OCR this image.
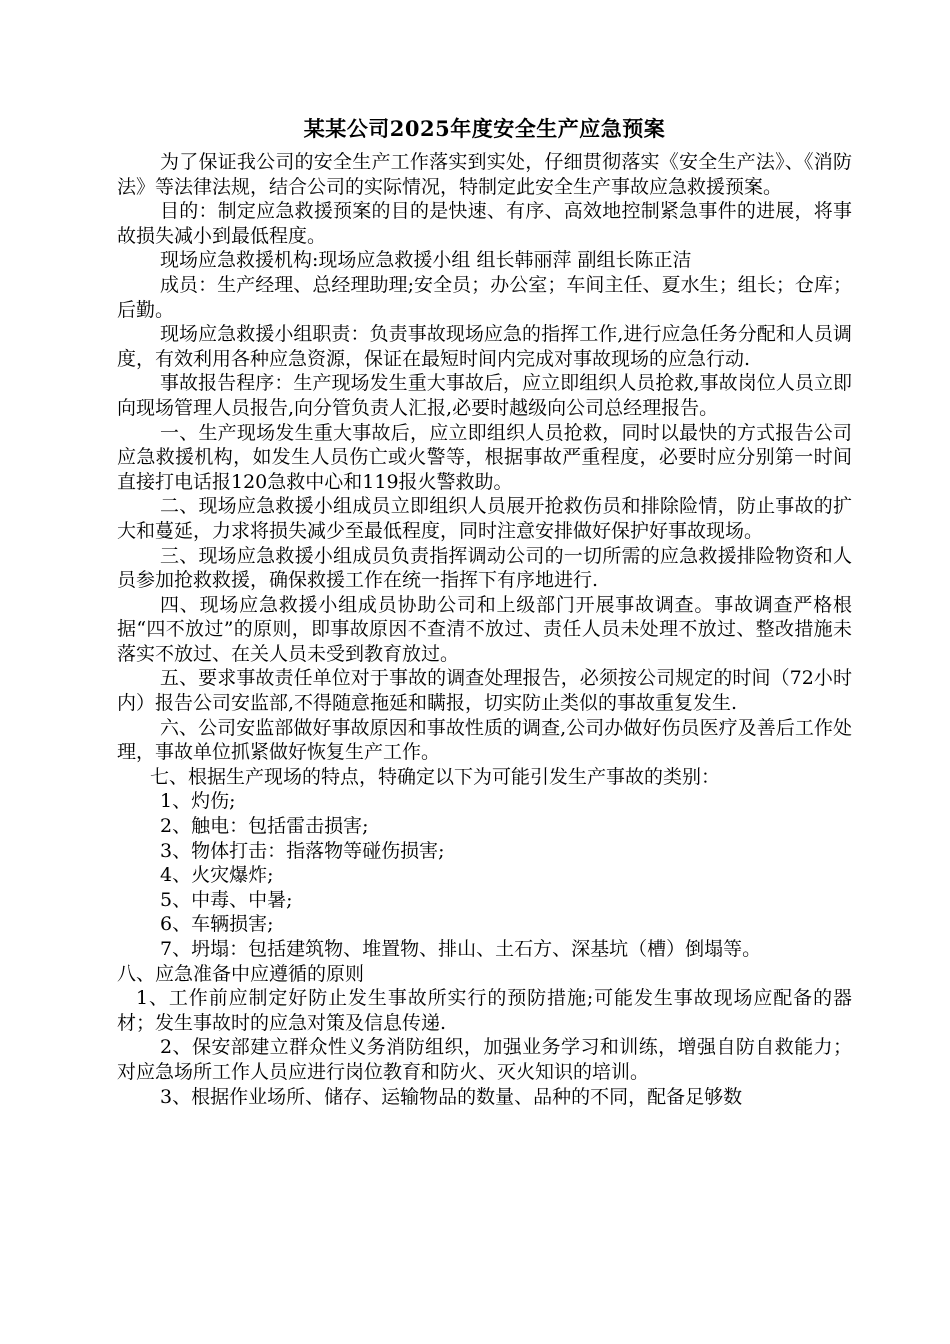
某某公司2025年度安全生产应急预案

为了保证我公司的安全生产工作落实到实处，仔细贯彻落实《安全生产法》、《消防法》等法律法规，结合公司的实际情况，特制定此安全生产事故应急救援预案。

目的：制定应急救援预案的目的是快速、有序、高效地控制紧急事件的进展，将事故损失减小到最低程度。

现场应急救援机构:现场应急救援小组 组长韩丽萍 副组长陈正洁

成员：生产经理、总经理助理;安全员；办公室；车间主任、夏水生；组长；仓库；后勤。

现场应急救援小组职责：负责事故现场应急的指挥工作,进行应急任务分配和人员调度，有效利用各种应急资源，保证在最短时间内完成对事故现场的应急行动.

事故报告程序：生产现场发生重大事故后，应立即组织人员抢救,事故岗位人员立即向现场管理人员报告,向分管负责人汇报,必要时越级向公司总经理报告。

一、生产现场发生重大事故后，应立即组织人员抢救，同时以最快的方式报告公司应急救援机构，如发生人员伤亡或火警等，根据事故严重程度，必要时应分别第一时间直接打电话报120急救中心和119报火警救助。

二、现场应急救援小组成员立即组织人员展开抢救伤员和排除险情，防止事故的扩大和蔓延，力求将损失减少至最低程度，同时注意安排做好保护好事故现场。

三、现场应急救援小组成员负责指挥调动公司的一切所需的应急救援排险物资和人员参加抢救救援，确保救援工作在统一指挥下有序地进行.

四、现场应急救援小组成员协助公司和上级部门开展事故调查。事故调查严格根据“四不放过”的原则，即事故原因不查清不放过、责任人员未处理不放过、整改措施未落实不放过、在关人员未受到教育放过。

五、要求事故责任单位对于事故的调查处理报告，必须按公司规定的时间（72小时内）报告公司安监部,不得随意拖延和瞒报，切实防止类似的事故重复发生.

六、公司安监部做好事故原因和事故性质的调查,公司办做好伤员医疗及善后工作处理，事故单位抓紧做好恢复生产工作。

七、根据生产现场的特点，特确定以下为可能引发生产事故的类别：

1、灼伤;

2、触电：包括雷击损害;

3、物体打击：指落物等碰伤损害;

4、火灾爆炸;

5、中毒、中暑;

6、车辆损害;

7、坍塌：包括建筑物、堆置物、排山、土石方、深基坑（槽）倒塌等。

八、应急准备中应遵循的原则

1、工作前应制定好防止发生事故所实行的预防措施;可能发生事故现场应配备的器材；发生事故时的应急对策及信息传递.

2、保安部建立群众性义务消防组织，加强业务学习和训练，增强自防自救能力；对应急场所工作人员应进行岗位教育和防火、灭火知识的培训。

3、根据作业场所、储存、运输物品的数量、品种的不同，配备足够数
